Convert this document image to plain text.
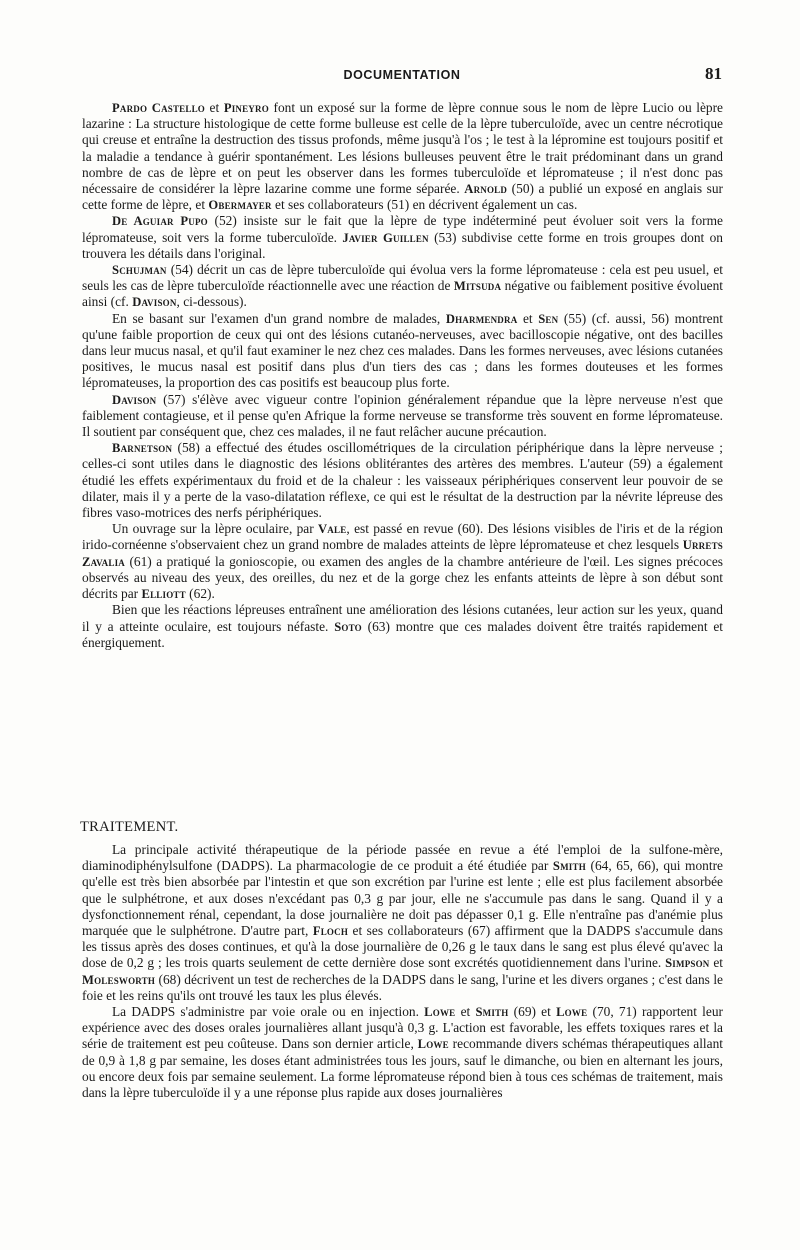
DOCUMENTATION	81

Pardo Castello et Pineyro font un exposé sur la forme de lèpre connue sous le nom de lèpre Lucio ou lèpre lazarine : La structure histologique de cette forme bulleuse est celle de la lèpre tuberculoïde, avec un centre nécrotique qui creuse et entraîne la destruction des tissus profonds, même jusqu'à l'os ; le test à la lépromine est toujours positif et la maladie a tendance à guérir spontanément. Les lésions bulleuses peuvent être le trait prédominant dans un grand nombre de cas de lèpre et on peut les observer dans les formes tuberculoïde et lépromateuse ; il n'est donc pas nécessaire de considérer la lèpre lazarine comme une forme séparée. Arnold (50) a publié un exposé en anglais sur cette forme de lèpre, et Obermayer et ses collaborateurs (51) en décrivent également un cas.

De Aguiar Pupo (52) insiste sur le fait que la lèpre de type indéterminé peut évoluer soit vers la forme lépromateuse, soit vers la forme tuberculoïde. Javier Guillen (53) subdivise cette forme en trois groupes dont on trouvera les détails dans l'original.

Schujman (54) décrit un cas de lèpre tuberculoïde qui évolua vers la forme lépromateuse : cela est peu usuel, et seuls les cas de lèpre tuberculoïde réactionnelle avec une réaction de Mitsuda négative ou faiblement positive évoluent ainsi (cf. Davison, ci-dessous).

En se basant sur l'examen d'un grand nombre de malades, Dharmendra et Sen (55) (cf. aussi, 56) montrent qu'une faible proportion de ceux qui ont des lésions cutanéo-nerveuses, avec bacilloscopie négative, ont des bacilles dans leur mucus nasal, et qu'il faut examiner le nez chez ces malades. Dans les formes nerveuses, avec lésions cutanées positives, le mucus nasal est positif dans plus d'un tiers des cas ; dans les formes douteuses et les formes lépromateuses, la proportion des cas positifs est beaucoup plus forte.

Davison (57) s'élève avec vigueur contre l'opinion généralement répandue que la lèpre nerveuse n'est que faiblement contagieuse, et il pense qu'en Afrique la forme nerveuse se transforme très souvent en forme lépromateuse. Il soutient par conséquent que, chez ces malades, il ne faut relâcher aucune précaution.

Barnetson (58) a effectué des études oscillométriques de la circulation périphérique dans la lèpre nerveuse ; celles-ci sont utiles dans le diagnostic des lésions oblitérantes des artères des membres. L'auteur (59) a également étudié les effets expérimentaux du froid et de la chaleur : les vaisseaux périphériques conservent leur pouvoir de se dilater, mais il y a perte de la vaso-dilatation réflexe, ce qui est le résultat de la destruction par la névrite lépreuse des fibres vaso-motrices des nerfs périphériques.

Un ouvrage sur la lèpre oculaire, par Vale, est passé en revue (60). Des lésions visibles de l'iris et de la région irido-cornéenne s'observaient chez un grand nombre de malades atteints de lèpre lépromateuse et chez lesquels Urrets Zavalia (61) a pratiqué la gonioscopie, ou examen des angles de la chambre antérieure de l'œil. Les signes précoces observés au niveau des yeux, des oreilles, du nez et de la gorge chez les enfants atteints de lèpre à son début sont décrits par Elliott (62).

Bien que les réactions lépreuses entraînent une amélioration des lésions cutanées, leur action sur les yeux, quand il y a atteinte oculaire, est toujours néfaste. Soto (63) montre que ces malades doivent être traités rapidement et énergiquement.

TRAITEMENT.

La principale activité thérapeutique de la période passée en revue a été l'emploi de la sulfone-mère, diaminodiphénylsulfone (DADPS). La pharmacologie de ce produit a été étudiée par Smith (64, 65, 66), qui montre qu'elle est très bien absorbée par l'intestin et que son excrétion par l'urine est lente ; elle est plus facilement absorbée que le sulphétrone, et aux doses n'excédant pas 0,3 g par jour, elle ne s'accumule pas dans le sang. Quand il y a dysfonctionnement rénal, cependant, la dose journalière ne doit pas dépasser 0,1 g. Elle n'entraîne pas d'anémie plus marquée que le sulphétrone. D'autre part, Floch et ses collaborateurs (67) affirment que la DADPS s'accumule dans les tissus après des doses continues, et qu'à la dose journalière de 0,26 g le taux dans le sang est plus élevé qu'avec la dose de 0,2 g ; les trois quarts seulement de cette dernière dose sont excrétés quotidiennement dans l'urine. Simpson et Molesworth (68) décrivent un test de recherches de la DADPS dans le sang, l'urine et les divers organes ; c'est dans le foie et les reins qu'ils ont trouvé les taux les plus élevés.

La DADPS s'administre par voie orale ou en injection. Lowe et Smith (69) et Lowe (70, 71) rapportent leur expérience avec des doses orales journalières allant jusqu'à 0,3 g. L'action est favorable, les effets toxiques rares et la série de traitement est peu coûteuse. Dans son dernier article, Lowe recommande divers schémas thérapeutiques allant de 0,9 à 1,8 g par semaine, les doses étant administrées tous les jours, sauf le dimanche, ou bien en alternant les jours, ou encore deux fois par semaine seulement. La forme lépromateuse répond bien à tous ces schémas de traitement, mais dans la lèpre tuberculoïde il y a une réponse plus rapide aux doses journalières
